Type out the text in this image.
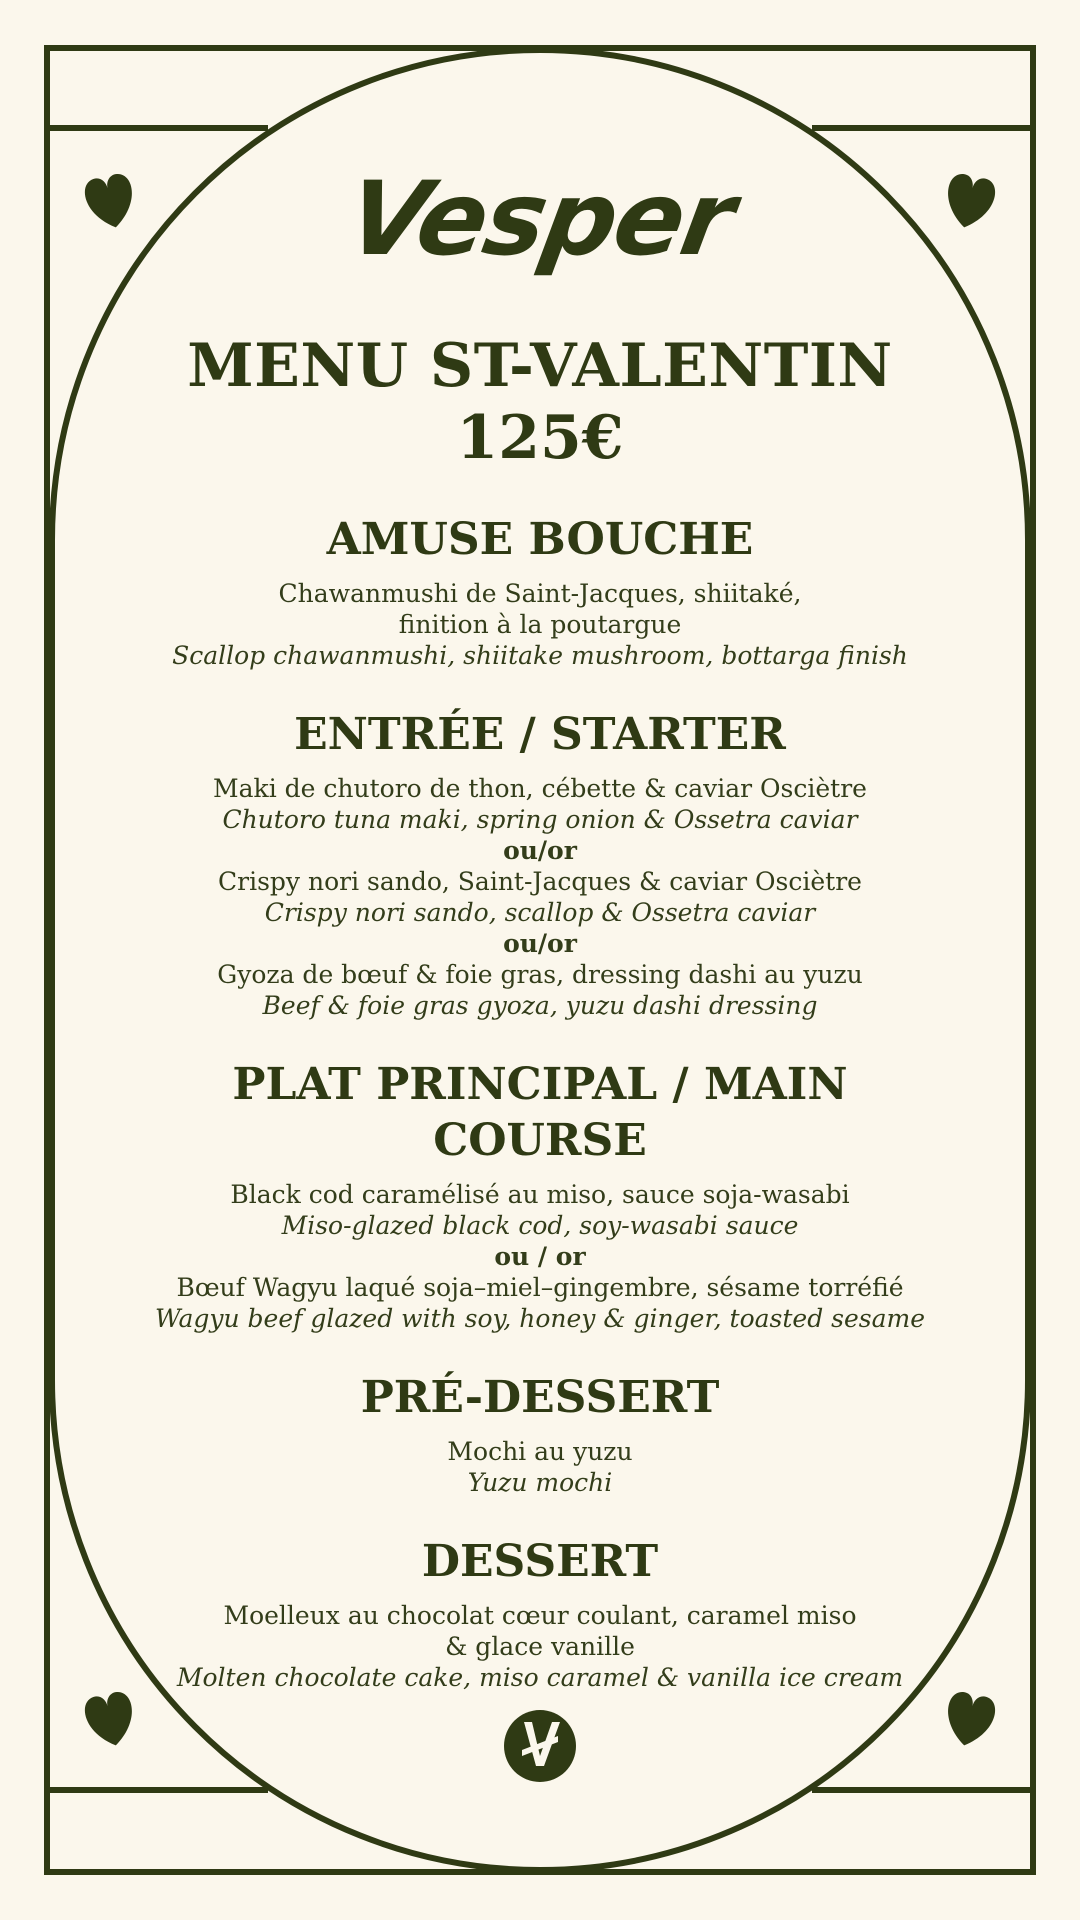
Vesper
MENU ST-VALENTIN
125€
AMUSE BOUCHE

Chawanmushi de Saint-Jacques, shiitaké,

finition à la poutargue

Scallop chawanmushi, shiitake mushroom, bottarga finish

ENTRÉE / STARTER

Maki de chutoro de thon, cébette & caviar Osciètre

Chutoro tuna maki, spring onion & Ossetra caviar

ou/or

Crispy nori sando, Saint-Jacques & caviar Osciètre

Crispy nori sando, scallop & Ossetra caviar

ou/or

Gyoza de bœuf & foie gras, dressing dashi au yuzu

Beef & foie gras gyoza, yuzu dashi dressing

PLAT PRINCIPAL / MAIN COURSE

Black cod caramélisé au miso, sauce soja-wasabi

Miso-glazed black cod, soy-wasabi sauce

ou / or

Bœuf Wagyu laqué soja–miel–gingembre, sésame torréfié

Wagyu beef glazed with soy, honey & ginger, toasted sesame

PRÉ-DESSERT

Mochi au yuzu

Yuzu mochi

DESSERT

Moelleux au chocolat cœur coulant, caramel miso

& glace vanille

Molten chocolate cake, miso caramel & vanilla ice cream
